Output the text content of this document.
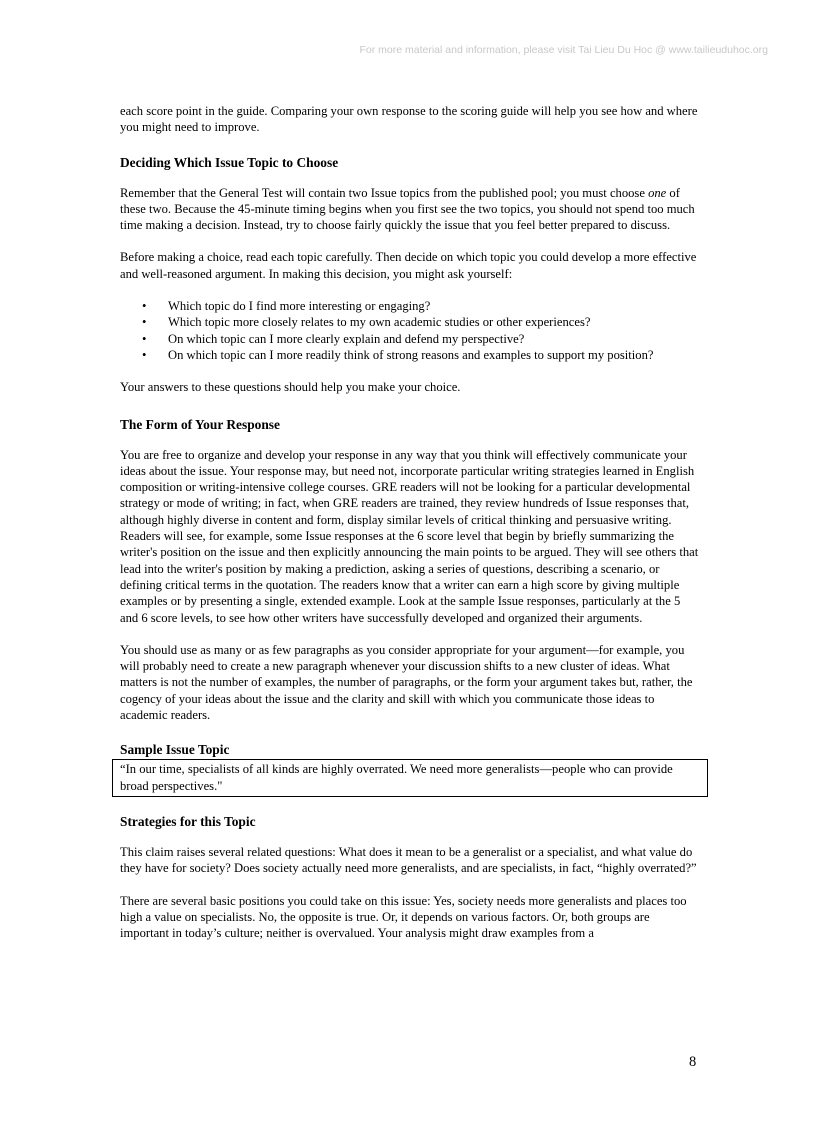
For more material and information, please visit Tai Lieu Du Hoc @ www.tailieuduhoc.org

each score point in the guide. Comparing your own response to the scoring guide will help you see how and where you might need to improve.

Deciding Which Issue Topic to Choose

Remember that the General Test will contain two Issue topics from the published pool; you must choose one of these two. Because the 45-minute timing begins when you first see the two topics, you should not spend too much time making a decision. Instead, try to choose fairly quickly the issue that you feel better prepared to discuss.

Before making a choice, read each topic carefully. Then decide on which topic you could develop a more effective and well-reasoned argument. In making this decision, you might ask yourself:

• Which topic do I find more interesting or engaging?
• Which topic more closely relates to my own academic studies or other experiences?
• On which topic can I more clearly explain and defend my perspective?
• On which topic can I more readily think of strong reasons and examples to support my position?

Your answers to these questions should help you make your choice.

The Form of Your Response

You are free to organize and develop your response in any way that you think will effectively communicate your ideas about the issue. Your response may, but need not, incorporate particular writing strategies learned in English composition or writing-intensive college courses. GRE readers will not be looking for a particular developmental strategy or mode of writing; in fact, when GRE readers are trained, they review hundreds of Issue responses that, although highly diverse in content and form, display similar levels of critical thinking and persuasive writing. Readers will see, for example, some Issue responses at the 6 score level that begin by briefly summarizing the writer's position on the issue and then explicitly announcing the main points to be argued. They will see others that lead into the writer's position by making a prediction, asking a series of questions, describing a scenario, or defining critical terms in the quotation. The readers know that a writer can earn a high score by giving multiple examples or by presenting a single, extended example. Look at the sample Issue responses, particularly at the 5 and 6 score levels, to see how other writers have successfully developed and organized their arguments.

You should use as many or as few paragraphs as you consider appropriate for your argument—for example, you will probably need to create a new paragraph whenever your discussion shifts to a new cluster of ideas. What matters is not the number of examples, the number of paragraphs, or the form your argument takes but, rather, the cogency of your ideas about the issue and the clarity and skill with which you communicate those ideas to academic readers.

Sample Issue Topic

“In our time, specialists of all kinds are highly overrated. We need more generalists—people who can provide broad perspectives."

Strategies for this Topic

This claim raises several related questions: What does it mean to be a generalist or a specialist, and what value do they have for society? Does society actually need more generalists, and are specialists, in fact, “highly overrated?”

There are several basic positions you could take on this issue: Yes, society needs more generalists and places too high a value on specialists. No, the opposite is true. Or, it depends on various factors. Or, both groups are important in today’s culture; neither is overvalued. Your analysis might draw examples from a

8
